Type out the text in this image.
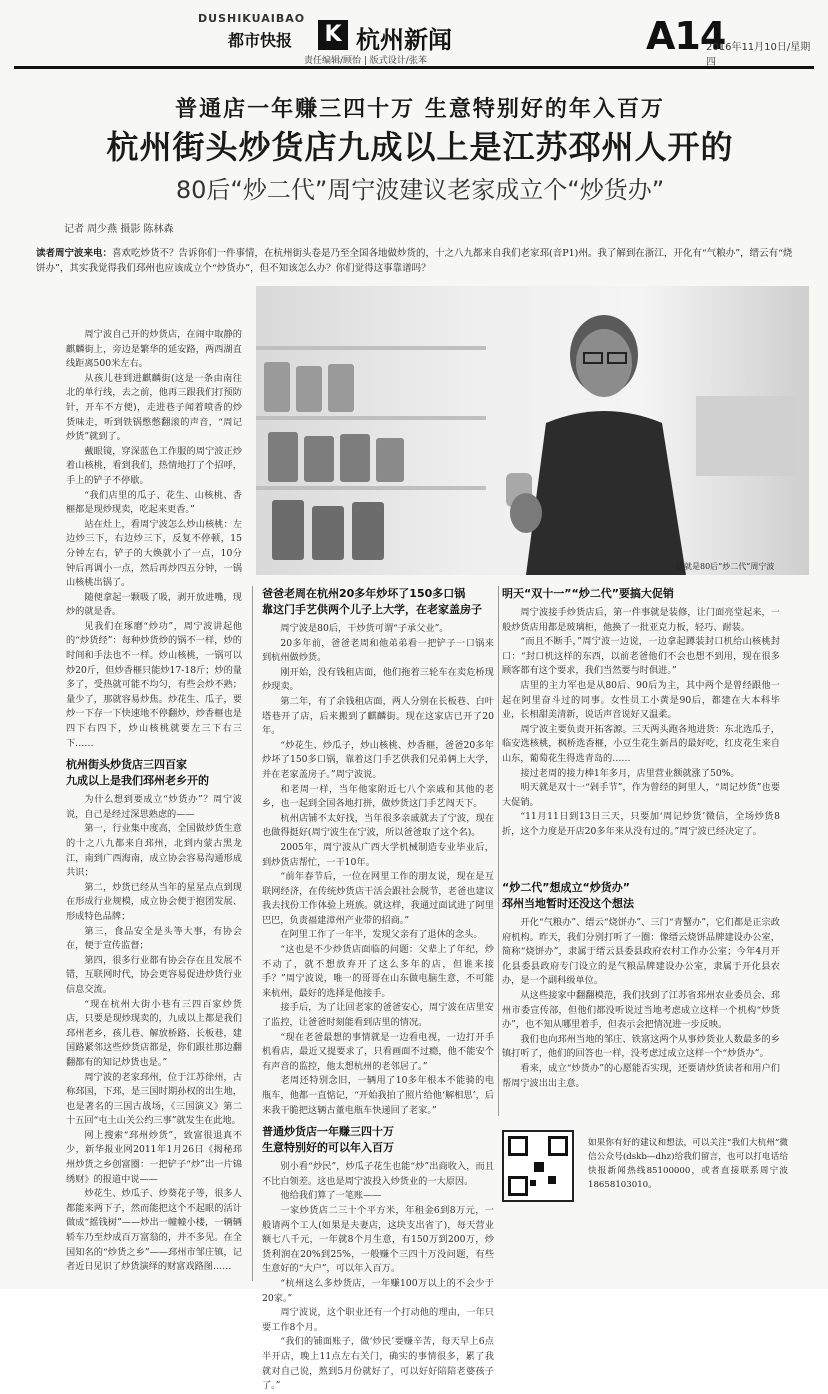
DUSHIKUAIBAO
都市快报 K 杭州新闻	A14
2016年11月10日/星期四
责任编辑/顾怡 | 版式设计/张苯
普通店一年赚三四十万 生意特别好的年入百万
杭州街头炒货店九成以上是江苏邳州人开的
80后“炒二代”周宁波建议老家成立个“炒货办”
记者 周少燕 摄影 陈林森
读者周宁波来电：喜欢吃炒货不？告诉你们一件事情，在杭州街头卷是乃至全国各地做炒货的，十之八九都来自我们老家邳(音P1)州。我了解到在浙江，开化有“气粮办”，缙云有“烧饼办”，其实我觉得我们邳州也应该成立个“炒货办”，但不知该怎么办？你们觉得这事靠谱吗？
这就是80后“炒二代”周宁波

周宁波自己开的炒货店，在闹中取静的麒麟街上，旁边是繁华的延安路，两西湖直线距离500米左右。

从孩儿巷到进麒麟街(这是一条由南往北的单行线，去之前，他再三跟我们打预防针，开车不方便)，走进巷子闻着喷香的炒货味走，听到铁锅憋憋翻滚的声音，“周记炒货”就到了。

戴眼镜，穿深蓝色工作服的周宁波正炒着山核桃，看到我们，热情地打了个招呼，手上的铲子不停歇。

“我们店里的瓜子、花生、山核桃、香榧都是现炒现卖，吃起来更香。”

站在灶上，看周宁波怎么炒山核桃：左边炒三下，右边炒三下，反复不停顿，15分钟左右，铲子的大焕就小了一点，10分钟后再调小一点，然后再炒四五分钟，一锅山核桃出锅了。

随便拿起一颗吸了吸，剥开放进嘴，现炒的就是香。

见我们在琢磨“炒功”，周宁波讲起他的“炒货经”：每种炒货炒的锅不一样，炒的时间和手法也不一样。炒山核桃，一锅可以炒20斤，但炒香榧只能炒17-18斤；炒的量多了，受热就可能不均匀，有些会炒不熟；量少了，那就容易炒焦。炒花生、瓜子，要炒一下存一下快速地不停翻炒，炒香榧也是四下右四下，炒山核桃就要左三下右三下……

杭州街头炒货店三四百家
九成以上是我们邳州老乡开的

为什么想到要成立“炒货办”？周宁波说，自己是经过深思熟虑的——

第一，行业集中度高，全国做炒货生意的十之八九都来自邳州，北到内蒙古黑龙江，南到广西海南，成立协会容易沟通形成共识；

第二，炒货已经从当年的星星点点到现在形成行业规模，成立协会便于抱团发展、形成特色品牌；

第三，食品安全是头等大事，有协会在，便于宣传监督；

第四，很多行业都有协会存在且发展不错，互联网时代，协会更容易促进炒货行业信息交流。

“现在杭州大街小巷有三四百家炒货店，只要是现炒现卖的，九成以上都是我们邳州老乡，孩儿巷、解放桥路、长板巷，建国路紧邻这些炒货店都是，你们跟社那边翻翻都有的知记炒货也是。”

周宁波的老家邳州，位于江苏徐州，古称邳国，下邳，是三国时期孙权的出生地，也是著名的三国古战场，《三国演义》第二十五回“屯土山关公约三事”就发生在此地。

网上搜索“邳州炒货”，致富很退真不少，新华报业网2011年1月26日《揭秘邳州炒货之乡创富圈：一把铲子“炒”出一片锦绣财》的报道中说——

炒花生、炒瓜子、炒葵花子等，很多人都能来两下子，然而能把这个不起眼的活计做成“摇钱树”——炒出一幢幢小楼，一辆辆轿车乃至炒成百万富翁的，并不多见。在全国知名的“炒货之乡”——邳州市邹庄镇，记者近日见识了炒货演绎的财富戏路图……

爸爸老周在杭州20多年炒坏了150多口锅
靠这门手艺供两个儿子上大学，在老家盖房子

周宁波是80后，干炒货可谓“子承父业”。

20多年前，爸爸老周和他弟弟看一把铲子一口锅来到杭州做炒货。

刚开始，没有钱租店面，他们拖着三轮车在卖危桥现炒现卖。

第二年，有了余钱租店面，两人分别在长板巷、白叶塔巷开了店，后来搬到了麒麟街。现在这家店已开了20年。

“炒花生、炒瓜子，炒山核桃、炒香榧，爸爸20多年炒坏了150多口锅，靠着这门手艺供我们兄弟俩上大学，并在老家盖房子。”周宁波说。

和老周一样，当年他家附近七八个亲戚和其他的老乡，也一起到全国各地打拼，做炒货这门手艺闯天下。

杭州店铺不太好找，当年很多亲戚就去了宁波，现在也做得挺好(周宁波生在宁波，所以爸爸取了这个名)。

2005年，周宁波从广西大学机械制造专业毕业后，到炒货店帮忙，一干10年。

“前年春节后，一位在网里工作的朋友说，现在是互联网经济，在传统炒货店干活会跟社会脱节，老爸也建议我去找份工作体验上班族。就这样，我通过面试进了阿里巴巴，负责福建漳州产业带的招商。”

在阿里工作了一年半，发现父亲有了退休的念头。

“这也是不少炒货店面临的问题：父辈上了年纪，炒不动了，就不想放弃开了这么多年的店，但谁来接手？”周宁波说，唯一的哥哥在山东做电脑生意，不可能来杭州，最好的选择是他接手。

接手后，为了让回老家的爸爸安心，周宁波在店里安了监控，让爸爸时刻能看到店里的情况。

“现在老爸最想的事情就是一边看电视，一边打开手机看店，最近又提要求了，只看画面不过瘾，他不能安个有声音的监控，他太想杭州的老邻居了。”

老周还特别念旧，一辆用了10多年根本不能骑的电瓶车，他都一直惦记，“开始我拍了照片给他‘解相思’，后来我干脆把这辆古董电瓶车快递回了老家。”

普通炒货店一年赚三四十万
生意特别好的可以年入百万

别小看“炒民”，炒瓜子花生也能“炒”出商收入，而且不比白领差。这也是周宁波投入炒货业的一大原因。

他给我们算了一笔账——

一家炒货店二三十个平方米，年租金6到8万元，一般请两个工人(如果是夫妻店，这块支出省了)，每天营业额七八千元，一年就8个月生意，有150万到200万，炒货利润在20%到25%，一般赚个三四十万没问题，有些生意好的“大户”，可以年入百万。

“杭州这么多炒货店，一年赚100万以上的不会少于20家。”

周宁波说，这个职业还有一个打动他的理由，一年只要工作8个月。

“我们的铺面账子，做‘炒民’要赚辛苦，每天早上6点半开店，晚上11点左右关门，确实的事情很多，累了我就对自己说，熬到5月份就好了，可以好好陪陪老婆孩子了。”

明天“双十一”“炒二代”要搞大促销

周宁波接手炒货店后，第一件事就是装修，让门面亮堂起来，一般炒货店用都是玻璃柜，他换了一批亚克力板，轻巧、耐装。

“而且不断手，”周宁波一边说，一边拿起蹲装封口机给山核桃封口：“封口机这样的东西，以前老爸他们不会也想不到用，现在很多顾客都有这个要求，我们当然要与时俱进。”

店里的主力军也是从80后、90后为主，其中两个是曾经跟他一起在阿里奋斗过的同事。女性员工小黄是90后，都建在大本科毕业，长相甜美清新，说话声音说好又温柔。

周宁波主要负责开拓客源。三天两头跑各地进货：东北选瓜子，临安选核桃，枫桥选香榧，小豆生花生新昌的最好吃，红皮花生来自山东，葡萄花生得选青岛的……

接过老周的接力棒1年多月，店里营业额就涨了50%。

明天就是双十一“剁手节”，作为曾经的阿里人，“周记炒货”也要大促销。

“11月11日到13日三天，只要加‘周记炒货’微信，全场炒货8折，这个力度是开店20多年来从没有过的。”周宁波已经决定了。

“炒二代”想成立“炒货办”
邳州当地暂时还没这个想法

开化“气粮办”、缙云“烧饼办”、三门“青蟹办”，它们都是正宗政府机构。昨天，我们分别打听了一圈：像缙云烧饼品牌建设办公室，简称“烧饼办”，隶属于缙云县委县政府农村工作办公室；今年4月开化县委县政府专门设立的是气粮品牌建设办公室，隶属于开化县农办，是一个副科级单位。

从这些接家中翻翻模范，我们找到了江苏省邳州农业委员会、邳州市委宣传部，但他们都没听说过当地考虑成立这样一个机构“炒货办”，也不知从哪里着手，但表示会把情况进一步反映。

我们也向邳州当地的邹庄、铁富这两个从事炒货业人数最多的乡镇打听了，他们的回答也一样，没考虑过成立这样一个“炒货办”。

看来，成立“炒货办”的心愿能否实现，还要请炒货读者和用户们帮周宁波出出主意。

如果你有好的建议和想法，可以关注“我们大杭州”微信公众号(dskb—dhz)给我们留言，也可以打电话给快报新闻热线85100000，或者直接联系周宁波18658103010。
